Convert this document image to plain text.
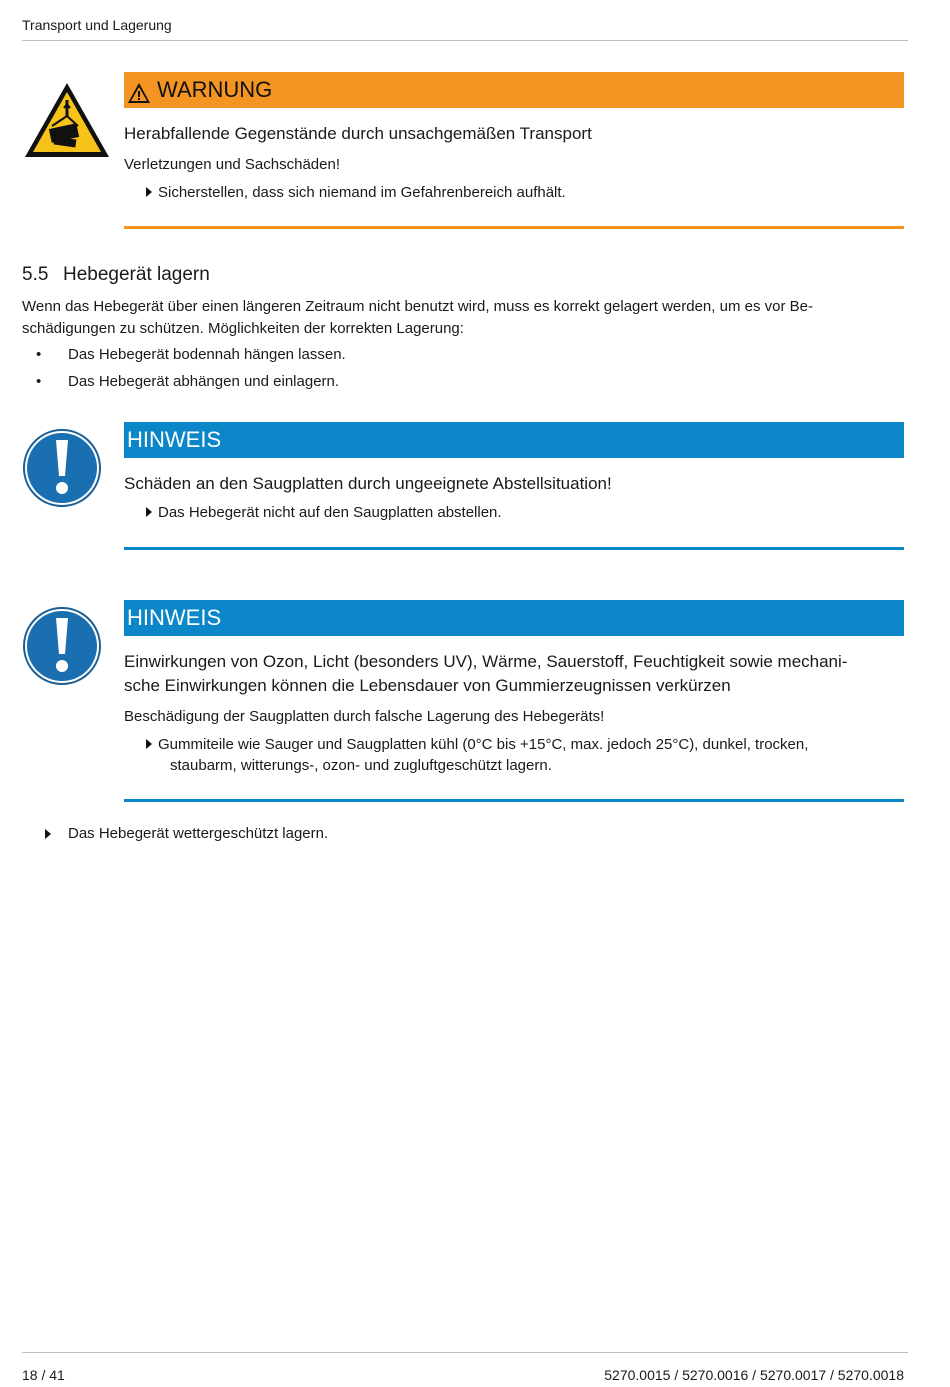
Transport und Lagerung
WARNUNG
Herabfallende Gegenstände durch unsachgemäßen Transport
Verletzungen und Sachschäden!
Sicherstellen, dass sich niemand im Gefahrenbereich aufhält.
5.5 Hebegerät lagern
Wenn das Hebegerät über einen längeren Zeitraum nicht benutzt wird, muss es korrekt gelagert werden, um es vor Be-
schädigungen zu schützen. Möglichkeiten der korrekten Lagerung:
• Das Hebegerät bodennah hängen lassen.
• Das Hebegerät abhängen und einlagern.
HINWEIS
Schäden an den Saugplatten durch ungeeignete Abstellsituation!
Das Hebegerät nicht auf den Saugplatten abstellen.
HINWEIS
Einwirkungen von Ozon, Licht (besonders UV), Wärme, Sauerstoff, Feuchtigkeit sowie mechani-
sche Einwirkungen können die Lebensdauer von Gummierzeugnissen verkürzen
Beschädigung der Saugplatten durch falsche Lagerung des Hebegeräts!
Gummiteile wie Sauger und Saugplatten kühl (0°C bis +15°C, max. jedoch 25°C), dunkel, trocken,
staubarm, witterungs-, ozon- und zugluftgeschützt lagern.
Das Hebegerät wettergeschützt lagern.
18 / 41	5270.0015 / 5270.0016 / 5270.0017 / 5270.0018
